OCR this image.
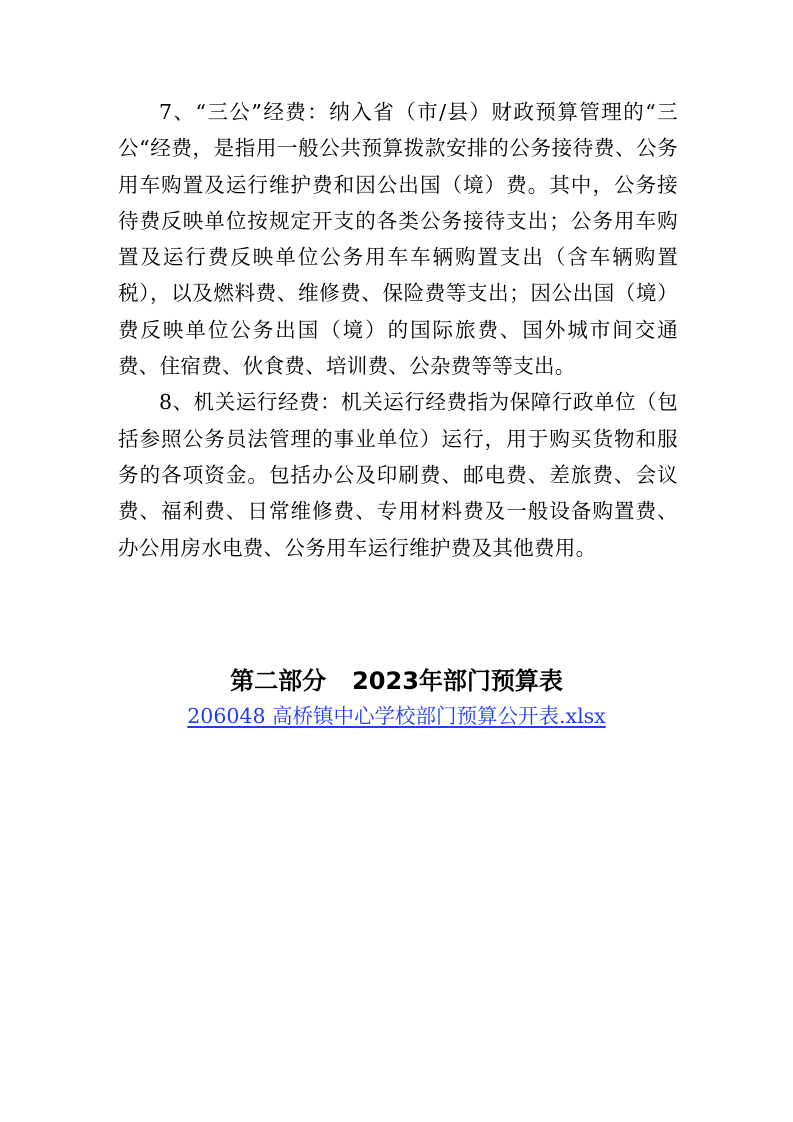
7、“三公”经费：纳入省（市/县）财政预算管理的“三公“经费，是指用一般公共预算拨款安排的公务接待费、公务用车购置及运行维护费和因公出国（境）费。其中，公务接待费反映单位按规定开支的各类公务接待支出；公务用车购置及运行费反映单位公务用车车辆购置支出（含车辆购置税），以及燃料费、维修费、保险费等支出；因公出国（境）费反映单位公务出国（境）的国际旅费、国外城市间交通费、住宿费、伙食费、培训费、公杂费等等支出。

8、机关运行经费：机关运行经费指为保障行政单位（包括参照公务员法管理的事业单位）运行，用于购买货物和服务的各项资金。包括办公及印刷费、邮电费、差旅费、会议费、福利费、日常维修费、专用材料费及一般设备购置费、办公用房水电费、公务用车运行维护费及其他费用。

第二部分 2023年部门预算表
206048 高桥镇中心学校部门预算公开表.xlsx
